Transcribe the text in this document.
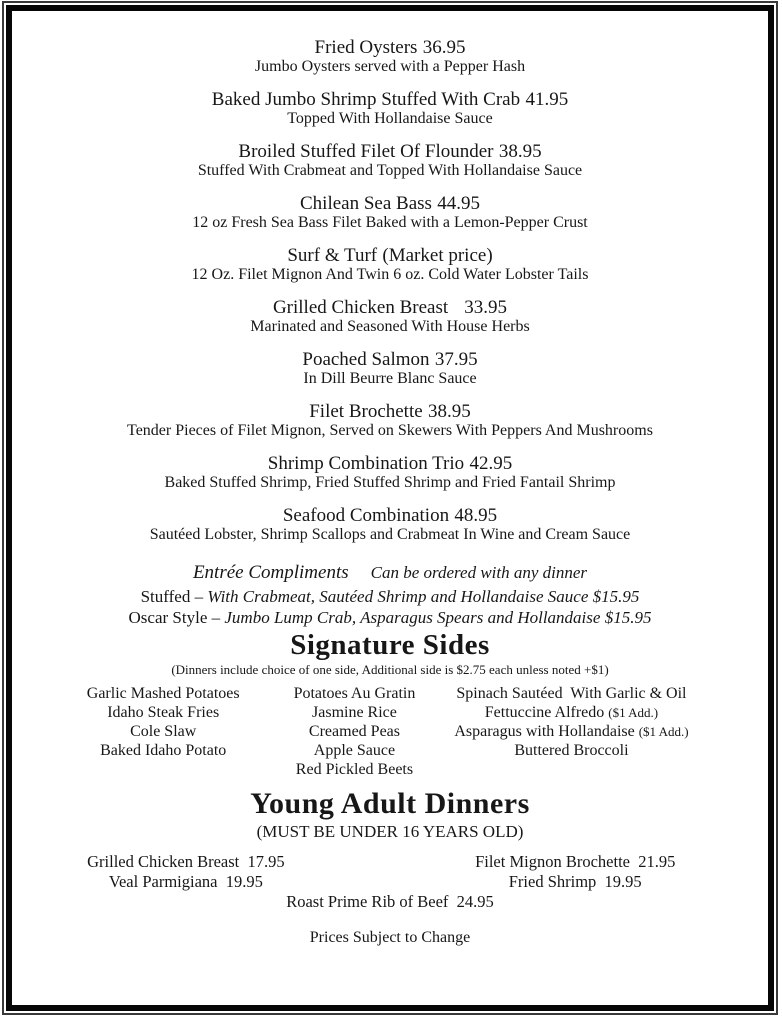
Fried Oysters 36.95
Jumbo Oysters served with a Pepper Hash
Baked Jumbo Shrimp Stuffed With Crab 41.95
Topped With Hollandaise Sauce
Broiled Stuffed Filet Of Flounder 38.95
Stuffed With Crabmeat and Topped With Hollandaise Sauce
Chilean Sea Bass 44.95
12 oz Fresh Sea Bass Filet Baked with a Lemon-Pepper Crust
Surf & Turf (Market price)
12 Oz. Filet Mignon And Twin 6 oz. Cold Water Lobster Tails
Grilled Chicken Breast 33.95
Marinated and Seasoned With House Herbs
Poached Salmon 37.95
In Dill Beurre Blanc Sauce
Filet Brochette 38.95
Tender Pieces of Filet Mignon, Served on Skewers With Peppers And Mushrooms
Shrimp Combination Trio 42.95
Baked Stuffed Shrimp, Fried Stuffed Shrimp and Fried Fantail Shrimp
Seafood Combination 48.95
Sautéed Lobster, Shrimp Scallops and Crabmeat In Wine and Cream Sauce
Entrée Compliments Can be ordered with any dinner
Stuffed – With Crabmeat, Sautéed Shrimp and Hollandaise Sauce $15.95
Oscar Style – Jumbo Lump Crab, Asparagus Spears and Hollandaise $15.95
Signature Sides
(Dinners include choice of one side, Additional side is $2.75 each unless noted +$1)
Garlic Mashed Potatoes
Idaho Steak Fries
Cole Slaw
Baked Idaho Potato
Potatoes Au Gratin
Jasmine Rice
Creamed Peas
Apple Sauce
Red Pickled Beets
Spinach Sautéed  With Garlic & Oil
Fettuccine Alfredo ($1 Add.)
Asparagus with Hollandaise ($1 Add.)
Buttered Broccoli
Young Adult Dinners
(MUST BE UNDER 16 YEARS OLD)
Grilled Chicken Breast 17.95
Veal Parmigiana 19.95
Filet Mignon Brochette 21.95
Fried Shrimp 19.95
Roast Prime Rib of Beef 24.95
Prices Subject to Change
